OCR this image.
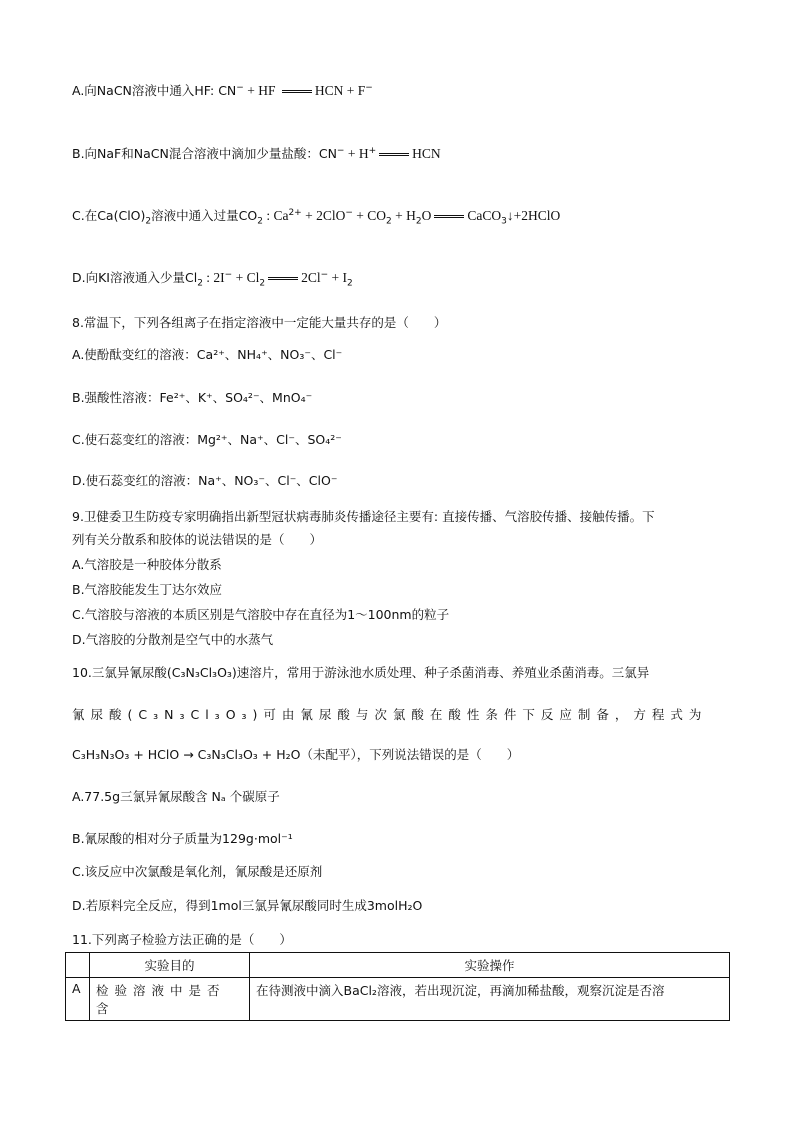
A.向NaCN溶液中通入HF: CN− + HF	HCN + F−
B.向NaF和NaCN混合溶液中滴加少量盐酸：CN− + H+	HCN
C.在$Ca(ClO)_2$溶液中通入过量$CO_2$ : $Ca^{2+} + 2ClO^- + CO_2 + H_2O$	CaCO$_3$↓+2HClO
D.向KI溶液通入少量$Cl_2$ : $2I^- + Cl_2$	$2Cl^- + I_2$
8.常温下，下列各组离子在指定溶液中一定能大量共存的是（　　）
A.使酚酞变红的溶液：Ca²⁺、NH₄⁺、NO₃⁻、Cl⁻
B.强酸性溶液：Fe²⁺、K⁺、SO₄²⁻、MnO₄⁻
C.使石蕊变红的溶液：Mg²⁺、Na⁺、Cl⁻、SO₄²⁻
D.使石蕊变红的溶液：Na⁺、NO₃⁻、Cl⁻、ClO⁻
9.卫健委卫生防疫专家明确指出新型冠状病毒肺炎传播途径主要有: 直接传播、气溶胶传播、接触传播。下
列有关分散系和胶体的说法错误的是（　　）
A.气溶胶是一种胶体分散系
B.气溶胶能发生丁达尔效应
C.气溶胶与溶液的本质区别是气溶胶中存在直径为1～100nm的粒子
D.气溶胶的分散剂是空气中的水蒸气
10.三氯异氰尿酸(C₃N₃Cl₃O₃)速溶片，常用于游泳池水质处理、种子杀菌消毒、养殖业杀菌消毒。三氯异
氰尿酸(C₃N₃Cl₃O₃)可由氰尿酸与次氯酸在酸性条件下反应制备，方程式为
C₃H₃N₃O₃ + HClO → C₃N₃Cl₃O₃ + H₂O（未配平），下列说法错误的是（　　）
A.77.5g三氯异氰尿酸含 Nₐ 个碳原子
B.氰尿酸的相对分子质量为129g·mol⁻¹
C.该反应中次氯酸是氧化剂，氰尿酸是还原剂
D.若原料完全反应，得到1mol三氯异氰尿酸同时生成3molH₂O
11.下列离子检验方法正确的是（　　）
	实验目的	实验操作
A	检验溶液中是否含	在待测液中滴入BaCl₂溶液，若出现沉淀，再滴加稀盐酸，观察沉淀是否溶
